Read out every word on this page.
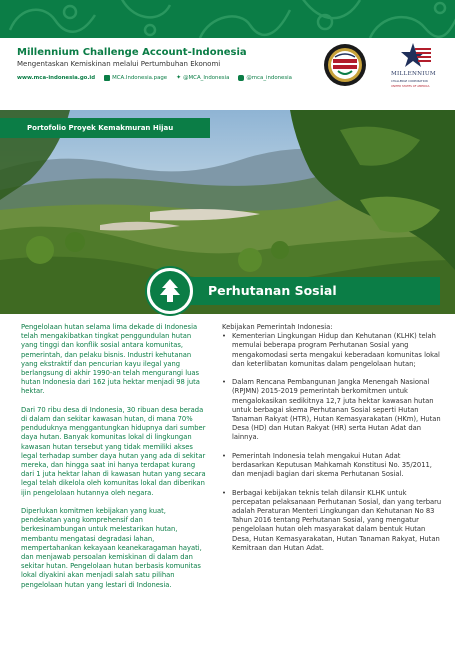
Millennium Challenge Account-Indonesia
Mengentaskan Kemiskinan melalui Pertumbuhan Ekonomi
www.mca-indonesia.go.id	MCA.Indonesia.page ✦ @MCA_Indonesia	@mca_indonesia
MILLENNIUM
CHALLENGE CORPORATION
UNITED STATES OF AMERICA
Portofolio Proyek Kemakmuran Hijau
Perhutanan Sosial

Pengelolaan hutan selama lima dekade di Indonesia telah mengakibatkan tingkat penggundulan hutan yang tinggi dan konflik sosial antara komunitas, pemerintah, dan pelaku bisnis. Industri kehutanan yang ekstraktif dan pencurian kayu ilegal yang berlangsung di akhir 1990-an telah mengurangi luas hutan Indonesia dari 162 juta hektar menjadi 98 juta hektar.

Dari 70 ribu desa di Indonesia, 30 ribuan desa berada di dalam dan sekitar kawasan hutan, di mana 70% penduduknya menggantungkan hidupnya dari sumber daya hutan. Banyak komunitas lokal di lingkungan kawasan hutan tersebut yang tidak memiliki akses legal terhadap sumber daya hutan yang ada di sekitar mereka, dan hingga saat ini hanya terdapat kurang dari 1 juta hektar lahan di kawasan hutan yang secara legal telah dikelola oleh komunitas lokal dan diberikan ijin pengelolaan hutannya oleh negara.

Diperlukan komitmen kebijakan yang kuat, pendekatan yang komprehensif dan berkesinambungan untuk melestarikan hutan, membantu mengatasi degradasi lahan, mempertahankan kekayaan keanekaragaman hayati, dan menjawab persoalan kemiskinan di dalam dan sekitar hutan. Pengelolaan hutan berbasis komunitas lokal diyakini akan menjadi salah satu pilihan pengelolaan hutan yang lestari di Indonesia.

Kebijakan Pemerintah Indonesia:
• Kementerian Lingkungan Hidup dan Kehutanan (KLHK) telah memulai beberapa program Perhutanan Sosial yang mengakomodasi serta mengakui keberadaan komunitas lokal dan keterlibatan komunitas dalam pengelolaan hutan;
• Dalam Rencana Pembangunan Jangka Menengah Nasional (RPJMN) 2015-2019 pemerintah berkomitmen untuk mengalokasikan sedikitnya 12,7 juta hektar kawasan hutan untuk berbagai skema Perhutanan Sosial seperti Hutan Tanaman Rakyat (HTR), Hutan Kemasyarakatan (HKm), Hutan Desa (HD) dan Hutan Rakyat (HR) serta Hutan Adat dan lainnya.
• Pemerintah Indonesia telah mengakui Hutan Adat berdasarkan Keputusan Mahkamah Konstitusi No. 35/2011, dan menjadi bagian dari skema Perhutanan Sosial.
• Berbagai kebijakan teknis telah dilansir KLHK untuk percepatan pelaksanaan Perhutanan Sosial, dan yang terbaru adalah Peraturan Menteri Lingkungan dan Kehutanan No 83 Tahun 2016 tentang Perhutanan Sosial, yang mengatur pengelolaan hutan oleh masyarakat dalam bentuk Hutan Desa, Hutan Kemasyarakatan, Hutan Tanaman Rakyat, Hutan Kemitraan dan Hutan Adat.
